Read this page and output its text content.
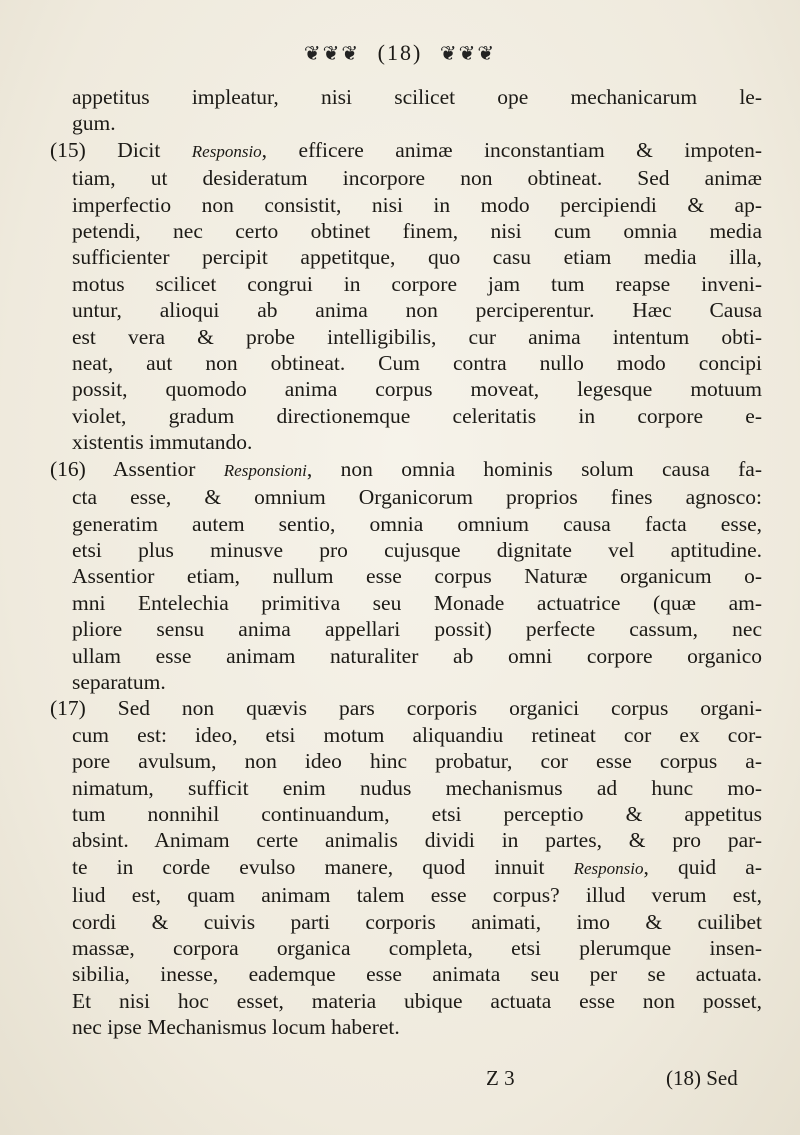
❦❦❦ (18) ❦❦❦
appetitus impleatur, nisi scilicet ope mechanicarum le-
gum.
(15) Dicit Responsio, efficere animæ inconstantiam & impoten-
tiam, ut desideratum incorpore non obtineat. Sed animæ
imperfectio non consistit, nisi in modo percipiendi & ap-
petendi, nec certo obtinet finem, nisi cum omnia media
sufficienter percipit appetitque, quo casu etiam media illa,
motus scilicet congrui in corpore jam tum reapse inveni-
untur, alioqui ab anima non perciperentur. Hæc Causa
est vera & probe intelligibilis, cur anima intentum obti-
neat, aut non obtineat. Cum contra nullo modo concipi
possit, quomodo anima corpus moveat, legesque motuum
violet, gradum directionemque celeritatis in corpore e-
xistentis immutando.
(16) Assentior Responsioni, non omnia hominis solum causa fa-
cta esse, & omnium Organicorum proprios fines agnosco:
generatim autem sentio, omnia omnium causa facta esse,
etsi plus minusve pro cujusque dignitate vel aptitudine.
Assentior etiam, nullum esse corpus Naturæ organicum o-
mni Entelechia primitiva seu Monade actuatrice (quæ am-
pliore sensu anima appellari possit) perfecte cassum, nec
ullam esse animam naturaliter ab omni corpore organico
separatum.
(17) Sed non quævis pars corporis organici corpus organi-
cum est: ideo, etsi motum aliquandiu retineat cor ex cor-
pore avulsum, non ideo hinc probatur, cor esse corpus a-
nimatum, sufficit enim nudus mechanismus ad hunc mo-
tum nonnihil continuandum, etsi perceptio & appetitus
absint. Animam certe animalis dividi in partes, & pro par-
te in corde evulso manere, quod innuit Responsio, quid a-
liud est, quam animam talem esse corpus? illud verum est,
cordi & cuivis parti corporis animati, imo & cuilibet
massæ, corpora organica completa, etsi plerumque insen-
sibilia, inesse, eademque esse animata seu per se actuata.
Et nisi hoc esset, materia ubique actuata esse non posset,
nec ipse Mechanismus locum haberet.
Z 3	(18) Sed
